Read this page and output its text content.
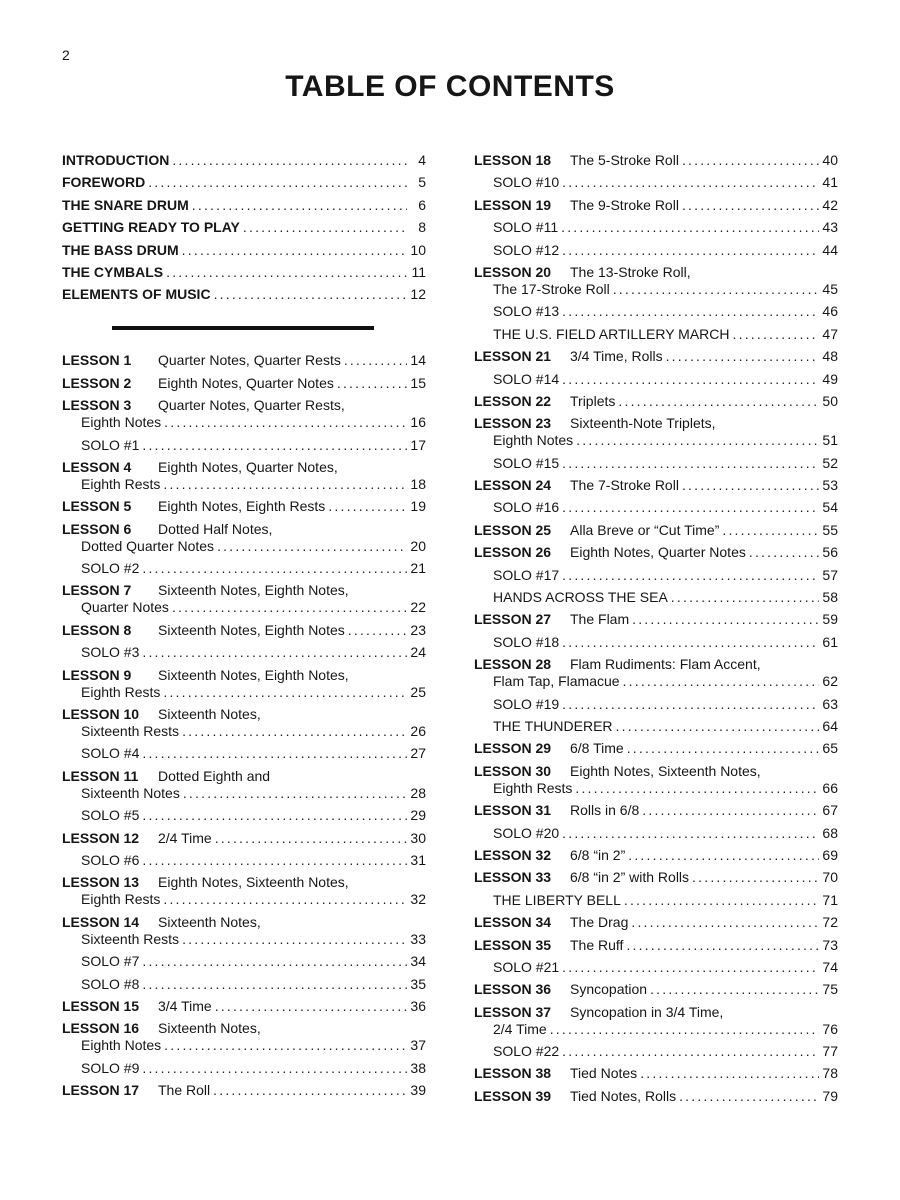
2
TABLE OF CONTENTS
INTRODUCTION .....	4
FOREWORD .....	5
THE SNARE DRUM .....	6
GETTING READY TO PLAY .....	8
THE BASS DRUM .....	10
THE CYMBALS .....	11
ELEMENTS OF MUSIC .....	12
LESSON 1	Quarter Notes, Quarter Rests .....	14
LESSON 2	Eighth Notes, Quarter Notes .....	15
LESSON 3	Quarter Notes, Quarter Rests,
Eighth Notes .....	16
SOLO #1 .....	17
LESSON 4	Eighth Notes, Quarter Notes,
Eighth Rests .....	18
LESSON 5	Eighth Notes, Eighth Rests .....	19
LESSON 6	Dotted Half Notes,
Dotted Quarter Notes .....	20
SOLO #2 .....	21
LESSON 7	Sixteenth Notes, Eighth Notes,
Quarter Notes .....	22
LESSON 8	Sixteenth Notes, Eighth Notes .....	23
SOLO #3 .....	24
LESSON 9	Sixteenth Notes, Eighth Notes,
Eighth Rests .....	25
LESSON 10	Sixteenth Notes,
Sixteenth Rests .....	26
SOLO #4 .....	27
LESSON 11	Dotted Eighth and
Sixteenth Notes .....	28
SOLO #5 .....	29
LESSON 12	2/4 Time .....	30
SOLO #6 .....	31
LESSON 13	Eighth Notes, Sixteenth Notes,
Eighth Rests .....	32
LESSON 14	Sixteenth Notes,
Sixteenth Rests .....	33
SOLO #7 .....	34
SOLO #8 .....	35
LESSON 15	3/4 Time .....	36
LESSON 16	Sixteenth Notes,
Eighth Notes .....	37
SOLO #9 .....	38
LESSON 17	The Roll .....	39
LESSON 18	The 5-Stroke Roll .....	40
SOLO #10 .....	41
LESSON 19	The 9-Stroke Roll .....	42
SOLO #11 .....	43
SOLO #12 .....	44
LESSON 20	The 13-Stroke Roll,
The 17-Stroke Roll .....	45
SOLO #13 .....	46
THE U.S. FIELD ARTILLERY MARCH .....	47
LESSON 21	3/4 Time, Rolls .....	48
SOLO #14 .....	49
LESSON 22	Triplets .....	50
LESSON 23	Sixteenth-Note Triplets,
Eighth Notes .....	51
SOLO #15 .....	52
LESSON 24	The 7-Stroke Roll .....	53
SOLO #16 .....	54
LESSON 25	Alla Breve or “Cut Time” .....	55
LESSON 26	Eighth Notes, Quarter Notes .....	56
SOLO #17 .....	57
HANDS ACROSS THE SEA .....	58
LESSON 27	The Flam .....	59
SOLO #18 .....	61
LESSON 28	Flam Rudiments: Flam Accent,
Flam Tap, Flamacue .....	62
SOLO #19 .....	63
THE THUNDERER .....	64
LESSON 29	6/8 Time .....	65
LESSON 30	Eighth Notes, Sixteenth Notes,
Eighth Rests .....	66
LESSON 31	Rolls in 6/8 .....	67
SOLO #20 .....	68
LESSON 32	6/8 “in 2” .....	69
LESSON 33	6/8 “in 2” with Rolls .....	70
THE LIBERTY BELL .....	71
LESSON 34	The Drag .....	72
LESSON 35	The Ruff .....	73
SOLO #21 .....	74
LESSON 36	Syncopation .....	75
LESSON 37	Syncopation in 3/4 Time,
2/4 Time .....	76
SOLO #22 .....	77
LESSON 38	Tied Notes .....	78
LESSON 39	Tied Notes, Rolls .....	79
